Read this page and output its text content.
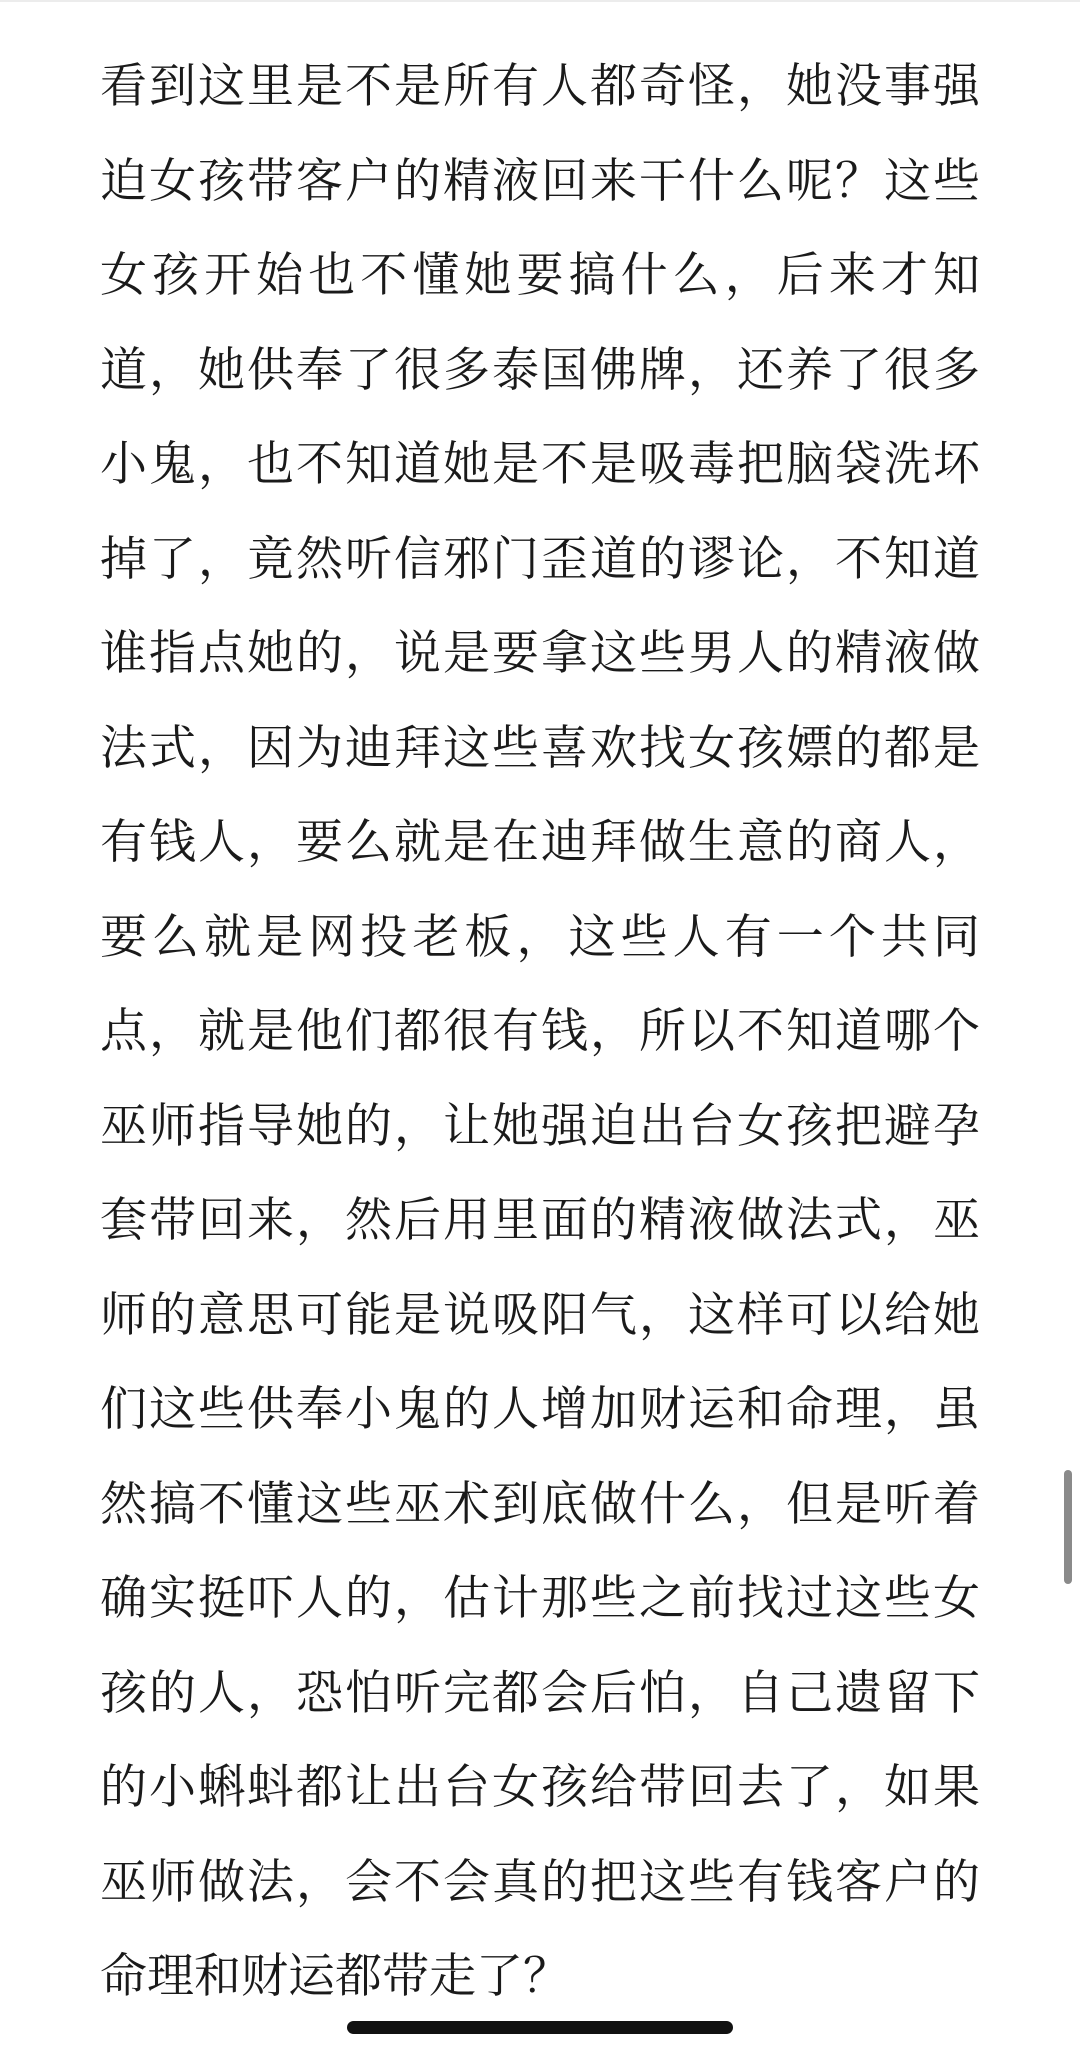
看到这里是不是所有人都奇怪，她没事强
迫女孩带客户的精液回来干什么呢？这些
女孩开始也不懂她要搞什么，后来才知
道，她供奉了很多泰国佛牌，还养了很多
小鬼，也不知道她是不是吸毒把脑袋洗坏
掉了，竟然听信邪门歪道的谬论，不知道
谁指点她的，说是要拿这些男人的精液做
法式，因为迪拜这些喜欢找女孩嫖的都是
有钱人，要么就是在迪拜做生意的商人，
要么就是网投老板，这些人有一个共同
点，就是他们都很有钱，所以不知道哪个
巫师指导她的，让她强迫出台女孩把避孕
套带回来，然后用里面的精液做法式，巫
师的意思可能是说吸阳气，这样可以给她
们这些供奉小鬼的人增加财运和命理，虽
然搞不懂这些巫术到底做什么，但是听着
确实挺吓人的，估计那些之前找过这些女
孩的人，恐怕听完都会后怕，自己遗留下
的小蝌蚪都让出台女孩给带回去了，如果
巫师做法，会不会真的把这些有钱客户的
命理和财运都带走了？
